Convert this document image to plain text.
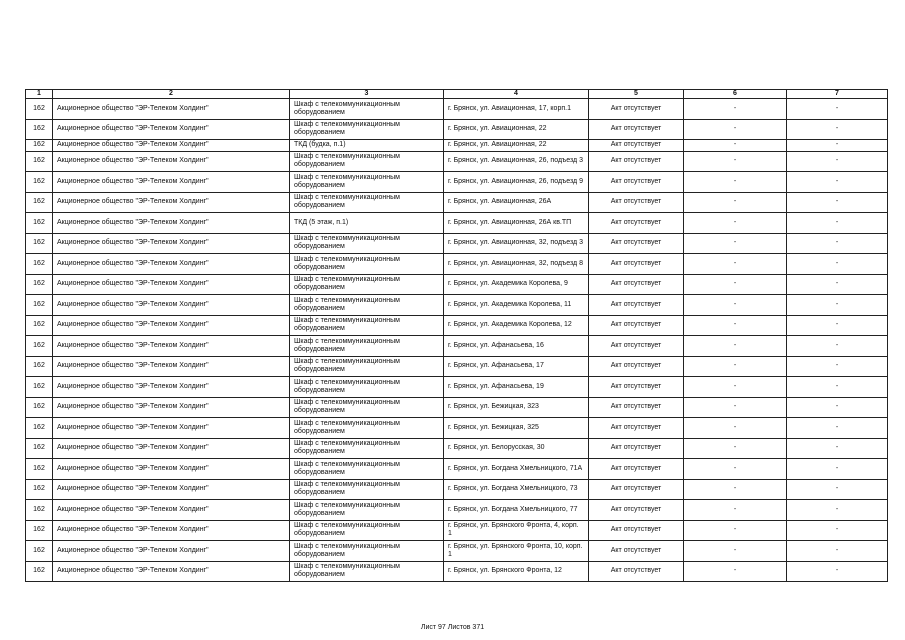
1	2	3	4	5	6	7
162	Акционерное общество "ЭР-Телеком Холдинг"	Шкаф с телекоммуникационным оборудованием	г. Брянск, ул. Авиационная, 17, корп.1	Акт отсутствует	-	-
162	Акционерное общество "ЭР-Телеком Холдинг"	Шкаф с телекоммуникационным оборудованием	г. Брянск, ул. Авиационная, 22	Акт отсутствует	-	-
162	Акционерное общество "ЭР-Телеком Холдинг"	ТКД (будка, п.1)	г. Брянск, ул. Авиационная, 22	Акт отсутствует	-	-
162	Акционерное общество "ЭР-Телеком Холдинг"	Шкаф с телекоммуникационным оборудованием	г. Брянск, ул. Авиационная, 26, подъезд 3	Акт отсутствует	-	-
162	Акционерное общество "ЭР-Телеком Холдинг"	Шкаф с телекоммуникационным оборудованием	г. Брянск, ул. Авиационная, 26, подъезд 9	Акт отсутствует	-	-
162	Акционерное общество "ЭР-Телеком Холдинг"	Шкаф с телекоммуникационным оборудованием	г. Брянск, ул. Авиационная, 26А	Акт отсутствует	-	-
162	Акционерное общество "ЭР-Телеком Холдинг"	ТКД (5 этаж, п.1)	г. Брянск, ул. Авиационная, 26А кв.ТП	Акт отсутствует	-	-
162	Акционерное общество "ЭР-Телеком Холдинг"	Шкаф с телекоммуникационным оборудованием	г. Брянск, ул. Авиационная, 32, подъезд 3	Акт отсутствует	-	-
162	Акционерное общество "ЭР-Телеком Холдинг"	Шкаф с телекоммуникационным оборудованием	г. Брянск, ул. Авиационная, 32, подъезд 8	Акт отсутствует	-	-
162	Акционерное общество "ЭР-Телеком Холдинг"	Шкаф с телекоммуникационным оборудованием	г. Брянск, ул. Академика Королева, 9	Акт отсутствует	-	-
162	Акционерное общество "ЭР-Телеком Холдинг"	Шкаф с телекоммуникационным оборудованием	г. Брянск, ул. Академика Королева, 11	Акт отсутствует	-	-
162	Акционерное общество "ЭР-Телеком Холдинг"	Шкаф с телекоммуникационным оборудованием	г. Брянск, ул. Академика Королева, 12	Акт отсутствует	-	-
162	Акционерное общество "ЭР-Телеком Холдинг"	Шкаф с телекоммуникационным оборудованием	г. Брянск, ул. Афанасьева, 16	Акт отсутствует	-	-
162	Акционерное общество "ЭР-Телеком Холдинг"	Шкаф с телекоммуникационным оборудованием	г. Брянск, ул. Афанасьева, 17	Акт отсутствует	-	-
162	Акционерное общество "ЭР-Телеком Холдинг"	Шкаф с телекоммуникационным оборудованием	г. Брянск, ул. Афанасьева, 19	Акт отсутствует	-	-
162	Акционерное общество "ЭР-Телеком Холдинг"	Шкаф с телекоммуникационным оборудованием	г. Брянск, ул. Бежицкая, 323	Акт отсутствует	-	-
162	Акционерное общество "ЭР-Телеком Холдинг"	Шкаф с телекоммуникационным оборудованием	г. Брянск, ул. Бежицкая, 325	Акт отсутствует	-	-
162	Акционерное общество "ЭР-Телеком Холдинг"	Шкаф с телекоммуникационным оборудованием	г. Брянск, ул. Белорусская, 30	Акт отсутствует	-	-
162	Акционерное общество "ЭР-Телеком Холдинг"	Шкаф с телекоммуникационным оборудованием	г. Брянск, ул. Богдана Хмельницкого, 71А	Акт отсутствует	-	-
162	Акционерное общество "ЭР-Телеком Холдинг"	Шкаф с телекоммуникационным оборудованием	г. Брянск, ул. Богдана Хмельницкого, 73	Акт отсутствует	-	-
162	Акционерное общество "ЭР-Телеком Холдинг"	Шкаф с телекоммуникационным оборудованием	г. Брянск, ул. Богдана Хмельницкого, 77	Акт отсутствует	-	-
162	Акционерное общество "ЭР-Телеком Холдинг"	Шкаф с телекоммуникационным оборудованием	г. Брянск, ул. Брянского Фронта, 4, корп. 1	Акт отсутствует	-	-
162	Акционерное общество "ЭР-Телеком Холдинг"	Шкаф с телекоммуникационным оборудованием	г. Брянск, ул. Брянского Фронта, 10, корп. 1	Акт отсутствует	-	-
162	Акционерное общество "ЭР-Телеком Холдинг"	Шкаф с телекоммуникационным оборудованием	г. Брянск, ул. Брянского Фронта, 12	Акт отсутствует	-	-
Лист 97 Листов 371
